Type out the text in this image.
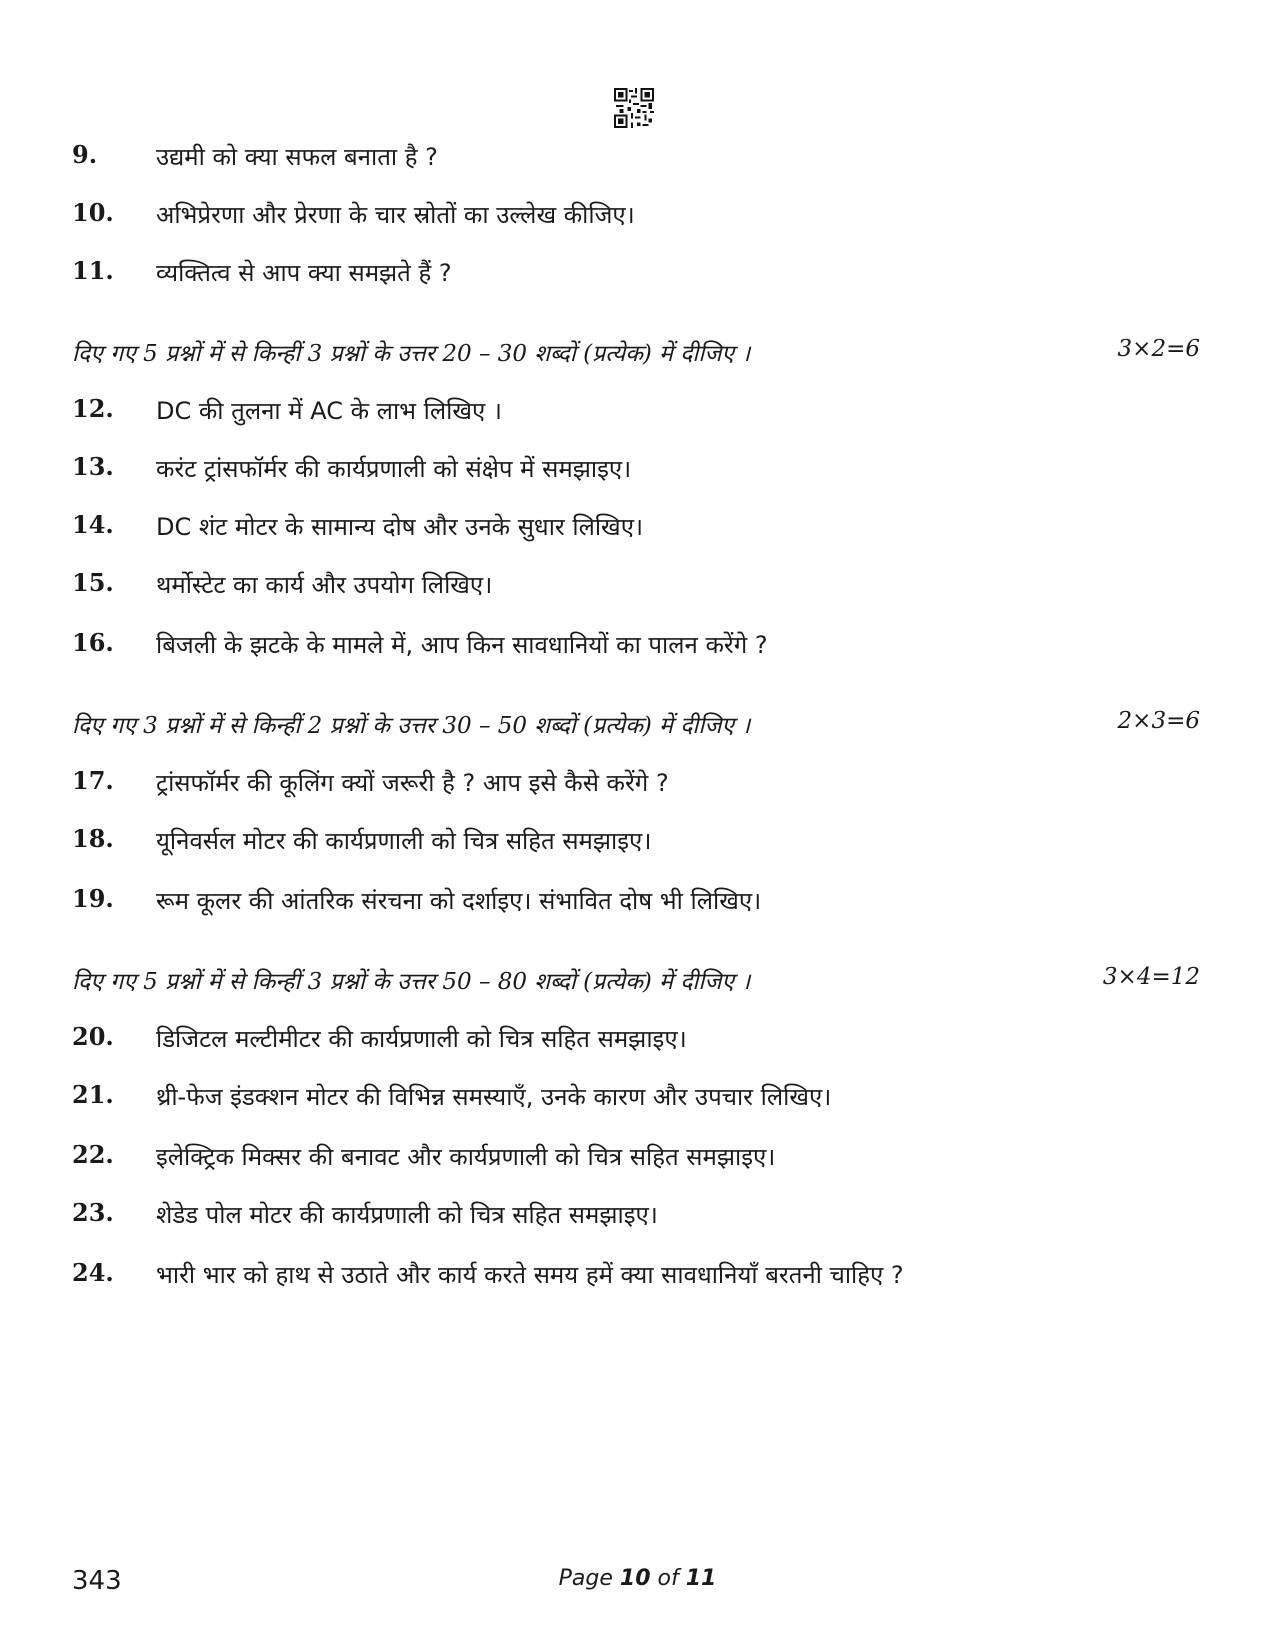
9. उद्यमी को क्या सफल बनाता है ?
10. अभिप्रेरणा और प्रेरणा के चार स्रोतों का उल्लेख कीजिए।
11. व्यक्तित्व से आप क्या समझते हैं ?
दिए गए 5 प्रश्नों में से किन्हीं 3 प्रश्नों के उत्तर 20 – 30 शब्दों (प्रत्येक) में दीजिए ।	3×2=6
12. DC की तुलना में AC के लाभ लिखिए ।
13. करंट ट्रांसफॉर्मर की कार्यप्रणाली को संक्षेप में समझाइए।
14. DC शंट मोटर के सामान्य दोष और उनके सुधार लिखिए।
15. थर्मोस्टेट का कार्य और उपयोग लिखिए।
16. बिजली के झटके के मामले में, आप किन सावधानियों का पालन करेंगे ?
दिए गए 3 प्रश्नों में से किन्हीं 2 प्रश्नों के उत्तर 30 – 50 शब्दों (प्रत्येक) में दीजिए ।	2×3=6
17. ट्रांसफॉर्मर की कूलिंग क्यों जरूरी है ? आप इसे कैसे करेंगे ?
18. यूनिवर्सल मोटर की कार्यप्रणाली को चित्र सहित समझाइए।
19. रूम कूलर की आंतरिक संरचना को दर्शाइए। संभावित दोष भी लिखिए।
दिए गए 5 प्रश्नों में से किन्हीं 3 प्रश्नों के उत्तर 50 – 80 शब्दों (प्रत्येक) में दीजिए ।	3×4=12
20. डिजिटल मल्टीमीटर की कार्यप्रणाली को चित्र सहित समझाइए।
21. थ्री-फेज इंडक्शन मोटर की विभिन्न समस्याएँ, उनके कारण और उपचार लिखिए।
22. इलेक्ट्रिक मिक्सर की बनावट और कार्यप्रणाली को चित्र सहित समझाइए।
23. शेडेड पोल मोटर की कार्यप्रणाली को चित्र सहित समझाइए।
24. भारी भार को हाथ से उठाते और कार्य करते समय हमें क्या सावधानियाँ बरतनी चाहिए ?
343	Page 10 of 11
